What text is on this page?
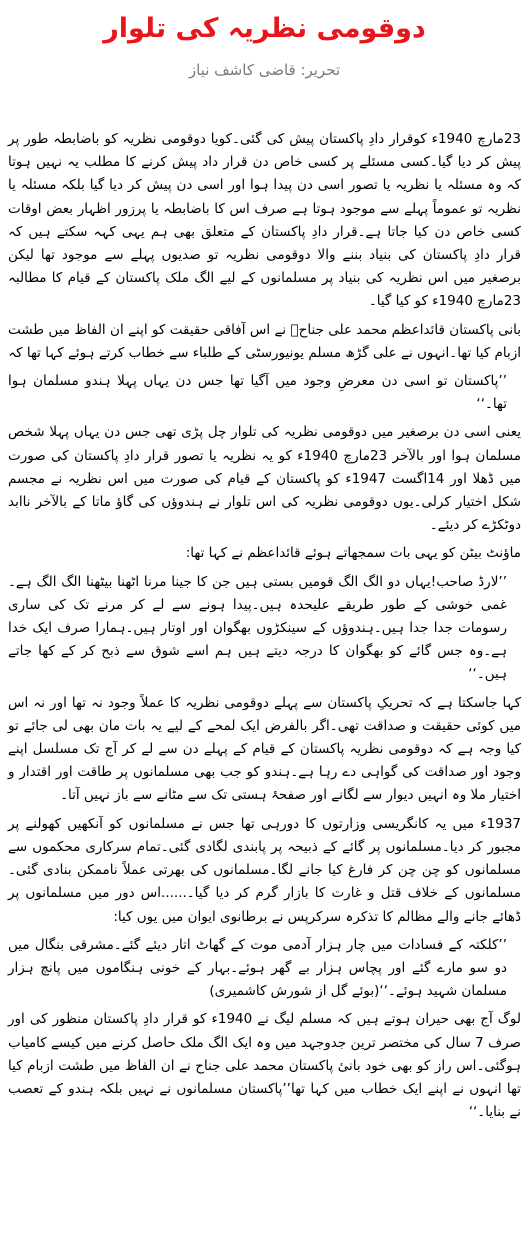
دوقومی نظریہ کی تلوار
تحریر: قاضی کاشف نیاز

23مارچ 1940ء کوقرار دادِ پاکستان پیش کی گئی۔کویا دوقومی نظریہ کو باضابطہ طور پر پیش کر دیا گیا۔کسی مسئلے پر کسی خاص دن قرار داد پیش کرنے کا مطلب یہ نہیں ہوتا کہ وہ مسئلہ یا نظریہ یا تصور اسی دن پیدا ہوا اور اسی دن پیش کر دیا گیا بلکہ مسئلہ یا نظریہ تو عموماً پہلے سے موجود ہوتا ہے صرف اس کا باضابطہ یا پرزور اظہار بعض اوقات کسی خاص دن کیا جاتا ہے۔قرار دادِ پاکستان کے متعلق بھی ہم یہی کہہ سکتے ہیں کہ قرار دادِ پاکستان کی بنیاد بننے والا دوقومی نظریہ تو صدیوں پہلے سے موجود تھا لیکن برصغیر میں اس نظریہ کی بنیاد پر مسلمانوں کے لیے الگ ملک پاکستان کے قیام کا مطالبہ 23مارچ 1940ء کو کیا گیا۔

بانی پاکستان قائداعظم محمد علی جناحؒ نے اس آفاقی حقیقت کو اپنے ان الفاظ میں طشت ازبام کیا تھا۔انہوں نے علی گڑھ مسلم یونیورسٹی کے طلباء سے خطاب کرتے ہوئے کہا تھا کہ

’’پاکستان تو اسی دن معرضِ وجود میں آگیا تھا جس دن یہاں پہلا ہندو مسلمان ہوا تھا۔‘‘

یعنی اسی دن برصغیر میں دوقومی نظریہ کی تلوار چل پڑی تھی جس دن یہاں پہلا شخص مسلمان ہوا اور بالآخر 23مارچ 1940ء کو یہ نظریہ یا تصور قرار دادِ پاکستان کی صورت میں ڈھلا اور 14اگست 1947ء کو پاکستان کے قیام کی صورت میں اس نظریہ نے مجسم شکل اختیار کرلی۔یوں دوقومی نظریہ کی اس تلوار نے ہندوؤں کی گاؤ ماتا کے بالآخر ناابد دوٹکڑے کر دیئے۔

ماؤنٹ بیٹن کو یہی بات سمجھاتے ہوئے قائداعظم نے کہا تھا:

’’لارڈ صاحب!یہاں دو الگ الگ قومیں بستی ہیں جن کا جینا مرنا اٹھنا بیٹھنا الگ الگ ہے۔غمی خوشی کے طور طریقے علیحدہ ہیں۔پیدا ہونے سے لے کر مرنے تک کی ساری رسومات جدا جدا ہیں۔ہندوؤں کے سینکڑوں بھگوان اور اوتار ہیں۔ہمارا صرف ایک خدا ہے۔وہ جس گائے کو بھگوان کا درجہ دیتے ہیں ہم اسے شوق سے ذبح کر کے کھا جاتے ہیں۔‘‘

کہا جاسکتا ہے کہ تحریکِ پاکستان سے پہلے دوقومی نظریہ کا عملاً وجود نہ تھا اور نہ اس میں کوئی حقیقت و صداقت تھی۔اگر بالفرض ایک لمحے کے لیے یہ بات مان بھی لی جائے تو کیا وجہ ہے کہ دوقومی نظریہ پاکستان کے قیام کے پہلے دن سے لے کر آج تک مسلسل اپنے وجود اور صداقت کی گواہی دے رہا ہے۔ہندو کو جب بھی مسلمانوں پر طاقت اور اقتدار و اختیار ملا وہ انہیں دیوار سے لگانے اور صفحۂ ہستی تک سے مٹانے سے باز نہیں آتا۔

1937ء میں یہ کانگریسی وزارتوں کا دورہی تھا جس نے مسلمانوں کو آنکھیں کھولنے پر مجبور کر دیا۔مسلمانوں پر گائے کے ذبیحہ پر پابندی لگادی گئی۔تمام سرکاری محکموں سے مسلمانوں کو چن چن کر فارغ کیا جانے لگا۔مسلمانوں کی بھرتی عملاً ناممکن بنادی گئی۔مسلمانوں کے خلاف قتل و غارت کا بازار گرم کر دیا گیا۔......اس دور میں مسلمانوں پر ڈھائے جانے والے مظالم کا تذکرہ سرکرپس نے برطانوی ایوان میں یوں کیا:

’’کلکتہ کے فسادات میں چار ہزار آدمی موت کے گھاٹ اتار دیئے گئے۔مشرقی بنگال میں دو سو مارے گئے اور پچاس ہزار بے گھر ہوئے۔بہار کے خونی ہنگاموں میں پانچ ہزار مسلمان شہید ہوئے۔‘‘(بوئے گل از شورش کاشمیری)

لوگ آج بھی حیران ہوتے ہیں کہ مسلم لیگ نے 1940ء کو قرار دادِ پاکستان منظور کی اور صرف 7 سال کی مختصر ترین جدوجہد میں وہ ایک الگ ملک حاصل کرنے میں کیسے کامیاب ہوگئی۔اس راز کو بھی خود بانیٔ پاکستان محمد علی جناح نے ان الفاظ میں طشت ازبام کیا تھا انہوں نے اپنے ایک خطاب میں کہا تھا’’پاکستان مسلمانوں نے نہیں بلکہ ہندو کے تعصب نے بنایا۔‘‘
